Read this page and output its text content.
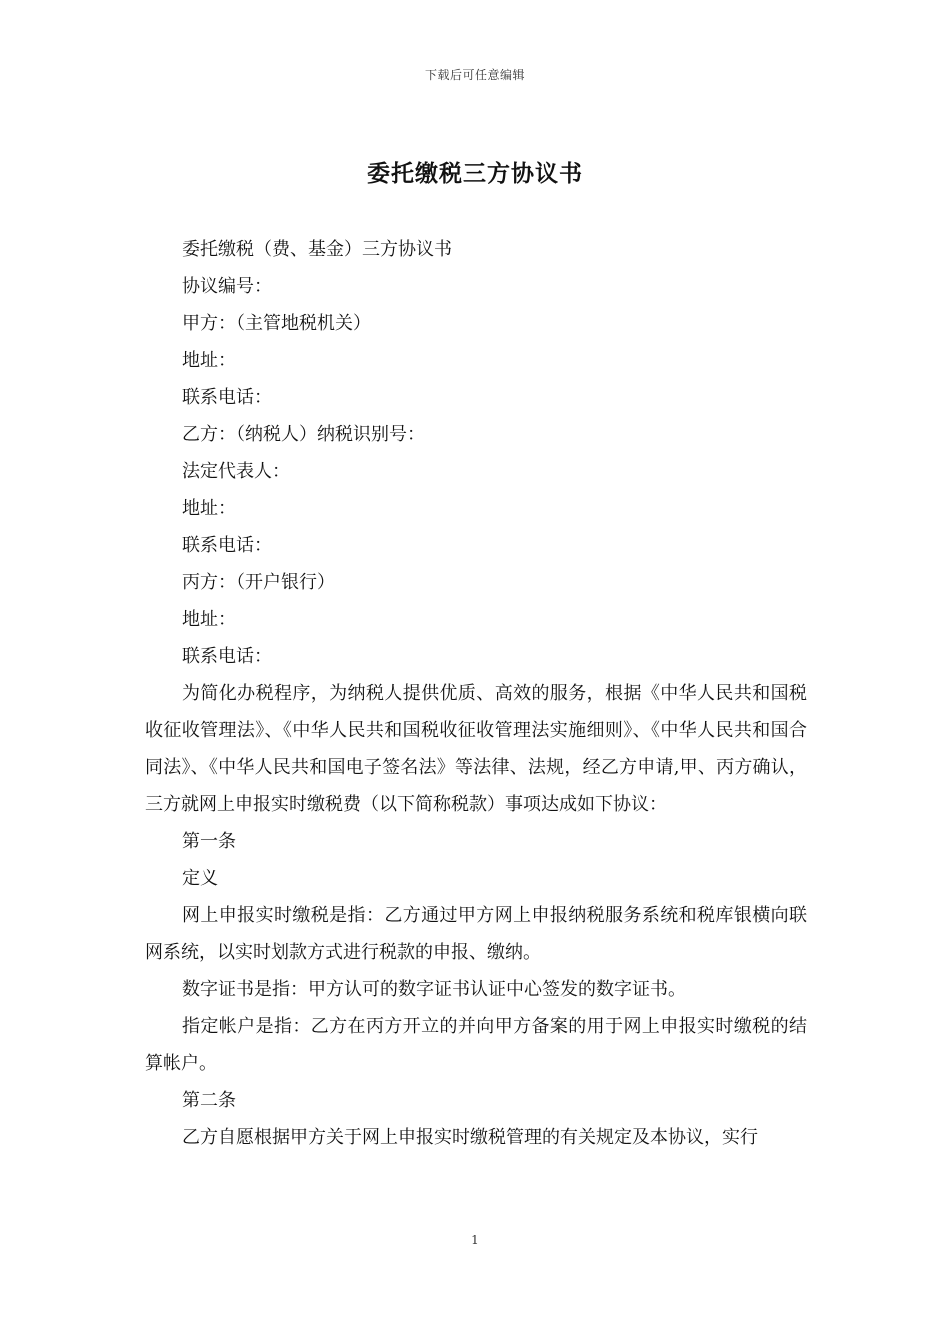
下载后可任意编辑
委托缴税三方协议书

委托缴税（费、基金）三方协议书

协议编号：

甲方：（主管地税机关）

地址：

联系电话：

乙方：（纳税人）纳税识别号：

法定代表人：

地址：

联系电话：

丙方：（开户银行）

地址：

联系电话：

为简化办税程序，为纳税人提供优质、高效的服务，根据《中华人民共和国税收征收管理法》、《中华人民共和国税收征收管理法实施细则》、《中华人民共和国合同法》、《中华人民共和国电子签名法》等法律、法规，经乙方申请,甲、丙方确认，三方就网上申报实时缴税费（以下简称税款）事项达成如下协议：

第一条

定义

网上申报实时缴税是指：乙方通过甲方网上申报纳税服务系统和税库银横向联网系统，以实时划款方式进行税款的申报、缴纳。

数字证书是指：甲方认可的数字证书认证中心签发的数字证书。

指定帐户是指：乙方在丙方开立的并向甲方备案的用于网上申报实时缴税的结算帐户。

第二条

乙方自愿根据甲方关于网上申报实时缴税管理的有关规定及本协议，实行

1
